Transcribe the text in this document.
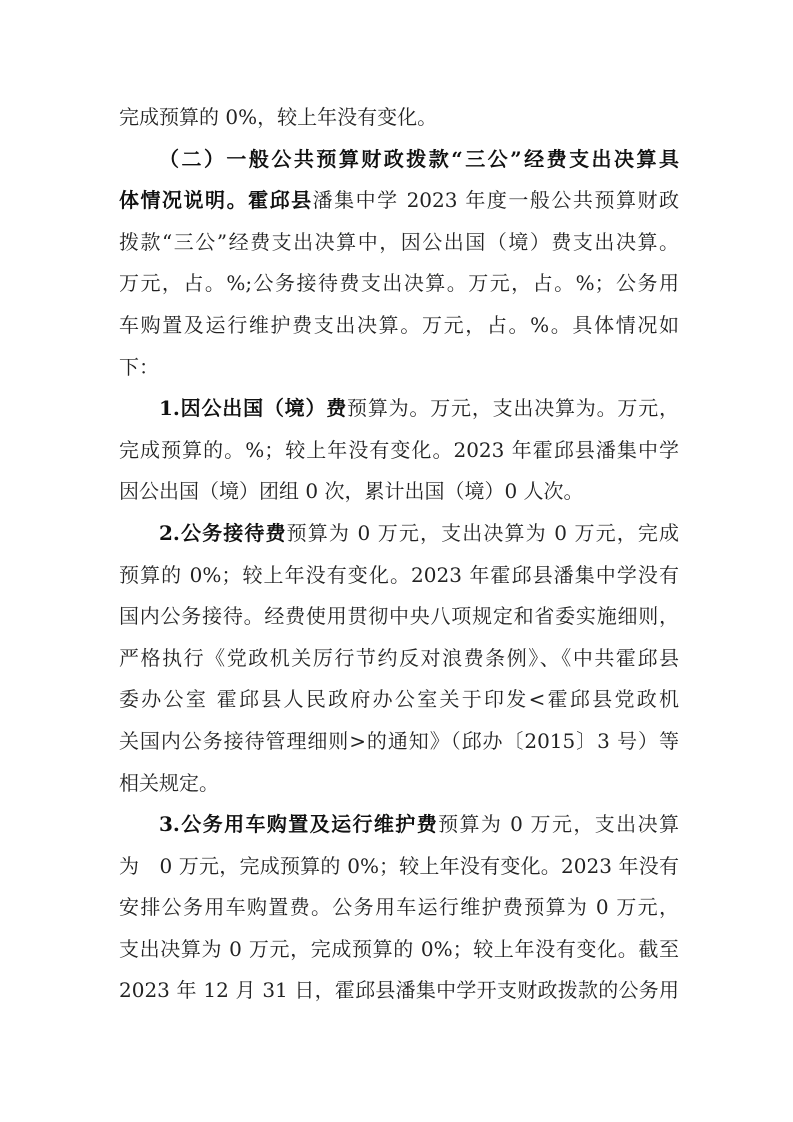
完成预算的 0%，较上年没有变化。
（二）一般公共预算财政拨款“三公”经费支出决算具
体情况说明。霍邱县潘集中学 2023 年度一般公共预算财政
拨款“三公”经费支出决算中，因公出国（境）费支出决算。
万元，占。%;公务接待费支出决算。万元，占。%；公务用
车购置及运行维护费支出决算。万元，占。%。具体情况如
下：
1.因公出国（境）费预算为。万元，支出决算为。万元，
完成预算的。%；较上年没有变化。2023 年霍邱县潘集中学
因公出国（境）团组 0 次，累计出国（境）0 人次。
2.公务接待费预算为 0 万元，支出决算为 0 万元，完成
预算的 0%；较上年没有变化。2023 年霍邱县潘集中学没有
国内公务接待。经费使用贯彻中央八项规定和省委实施细则，
严格执行《党政机关厉行节约反对浪费条例》、《中共霍邱县
委办公室 霍邱县人民政府办公室关于印发<霍邱县党政机
关国内公务接待管理细则>的通知》（邱办〔2015〕3 号）等
相关规定。
3.公务用车购置及运行维护费预算为 0 万元，支出决算
为　0 万元，完成预算的 0%；较上年没有变化。2023 年没有
安排公务用车购置费。公务用车运行维护费预算为 0 万元，
支出决算为 0 万元，完成预算的 0%；较上年没有变化。截至
2023 年 12 月 31 日，霍邱县潘集中学开支财政拨款的公务用
